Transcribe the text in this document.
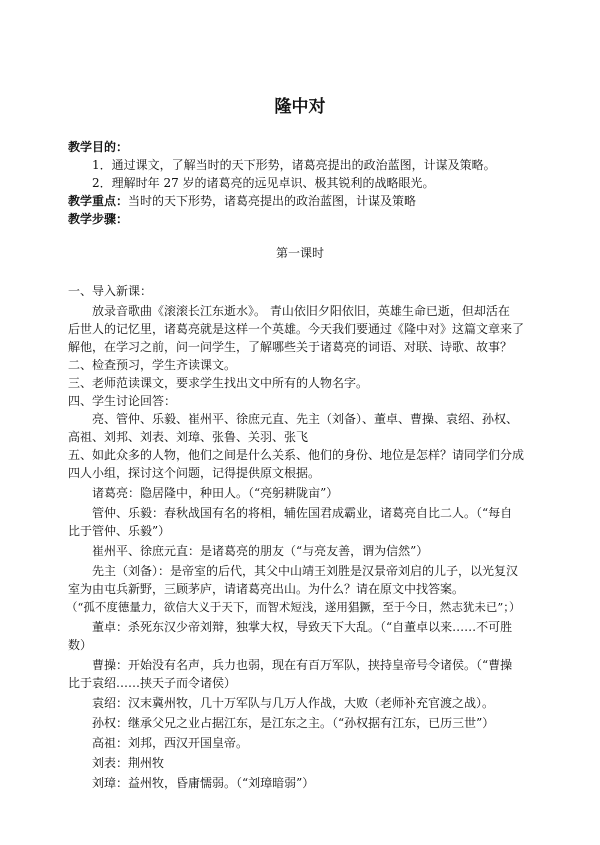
隆中对
教学目的：
1．通过课文，了解当时的天下形势，诸葛亮提出的政治蓝图，计谋及策略。
2．理解时年 27 岁的诸葛亮的远见卓识、极其锐利的战略眼光。
教学重点：当时的天下形势，诸葛亮提出的政治蓝图，计谋及策略
教学步骤：
第一课时
一、导入新课：
放录音歌曲《滚滚长江东逝水》。 青山依旧夕阳依旧，英雄生命已逝，但却活在
后世人的记忆里，诸葛亮就是这样一个英雄。今天我们要通过《隆中对》这篇文章来了
解他，在学习之前，问一问学生，了解哪些关于诸葛亮的词语、对联、诗歌、故事？
二、检查预习，学生齐读课文。
三、老师范读课文，要求学生找出文中所有的人物名字。
四、学生讨论回答：
亮、管仲、乐毅、崔州平、徐庶元直、先主（刘备）、董卓、曹操、袁绍、孙权、
高祖、刘邦、刘表、刘璋、张鲁、关羽、张飞
五、如此众多的人物，他们之间是什么关系、他们的身份、地位是怎样？请同学们分成
四人小组，探讨这个问题，记得提供原文根据。
诸葛亮：隐居隆中，种田人。（“亮躬耕陇亩”）
管仲、乐毅：春秋战国有名的将相，辅佐国君成霸业，诸葛亮自比二人。（“每自
比于管仲、乐毅”）
崔州平、徐庶元直：是诸葛亮的朋友（“与亮友善，谓为信然”）
先主（刘备）：是帝室的后代，其父中山靖王刘胜是汉景帝刘启的儿子，以光复汉
室为由屯兵新野，三顾茅庐，请诸葛亮出山。为什么？请在原文中找答案。
（“孤不度德量力，欲信大义于天下，而智术短浅，遂用猖獗，至于今日，然志犹未已”；）
董卓：杀死东汉少帝刘辩，独掌大权，导致天下大乱。（“自董卓以来……不可胜
数）
曹操：开始没有名声，兵力也弱，现在有百万军队，挟持皇帝号令诸侯。（“曹操
比于袁绍……挟天子而令诸侯）
袁绍：汉末冀州牧，几十万军队与几万人作战，大败（老师补充官渡之战）。
孙权：继承父兄之业占据江东，是江东之主。（“孙权据有江东，已历三世”）
高祖：刘邦，西汉开国皇帝。
刘表：荆州牧
刘璋：益州牧，昏庸懦弱。（“刘璋暗弱”）
